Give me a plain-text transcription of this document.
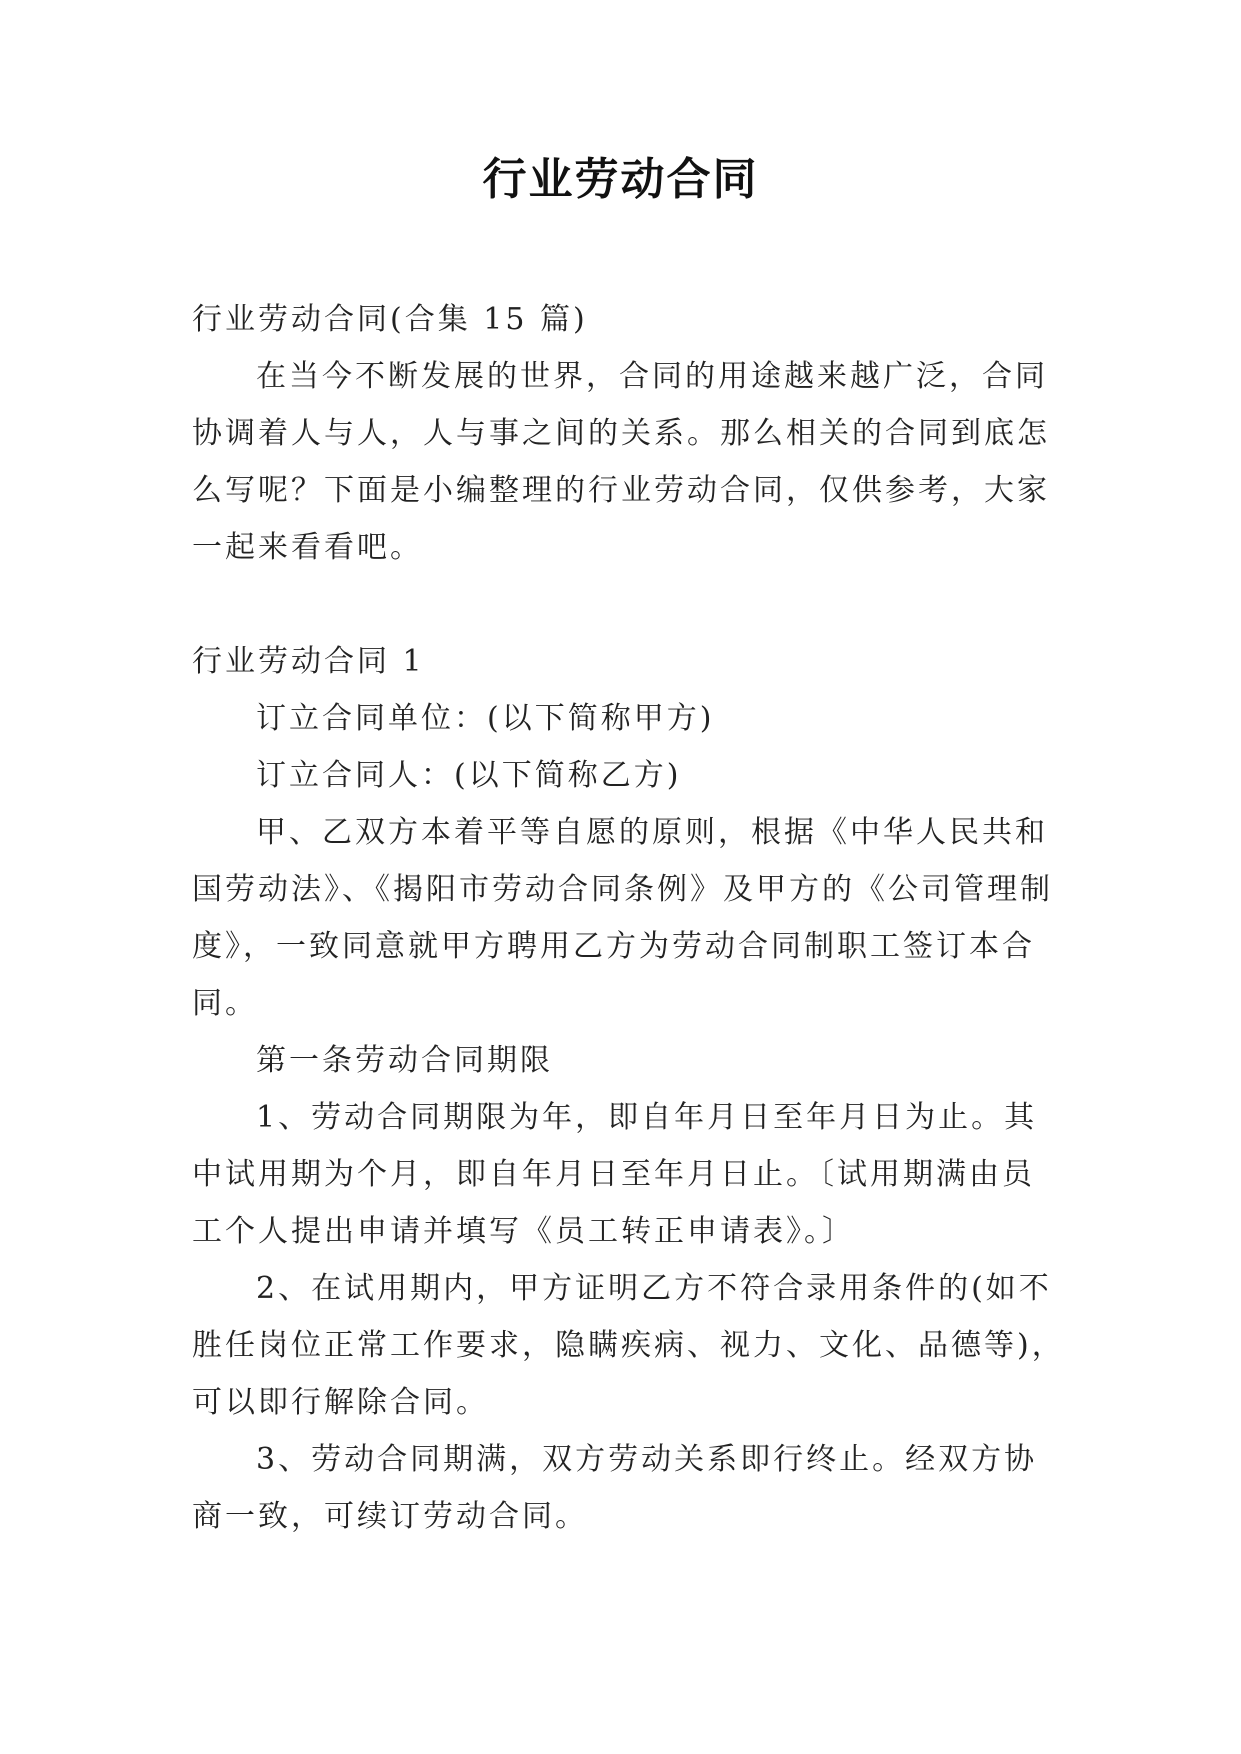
行业劳动合同

行业劳动合同(合集 15 篇)

在当今不断发展的世界，合同的用途越来越广泛，合同

协调着人与人，人与事之间的关系。那么相关的合同到底怎

么写呢？下面是小编整理的行业劳动合同，仅供参考，大家

一起来看看吧。

行业劳动合同 1

订立合同单位：(以下简称甲方)

订立合同人：(以下简称乙方)

甲、乙双方本着平等自愿的原则，根据《中华人民共和

国劳动法》、《揭阳市劳动合同条例》及甲方的《公司管理制

度》，一致同意就甲方聘用乙方为劳动合同制职工签订本合

同。

第一条劳动合同期限

1、劳动合同期限为年，即自年月日至年月日为止。其

中试用期为个月，即自年月日至年月日止。〔试用期满由员

工个人提出申请并填写《员工转正申请表》。〕

2、在试用期内，甲方证明乙方不符合录用条件的(如不

胜任岗位正常工作要求，隐瞒疾病、视力、文化、品德等)，

可以即行解除合同。

3、劳动合同期满，双方劳动关系即行终止。经双方协

商一致，可续订劳动合同。
